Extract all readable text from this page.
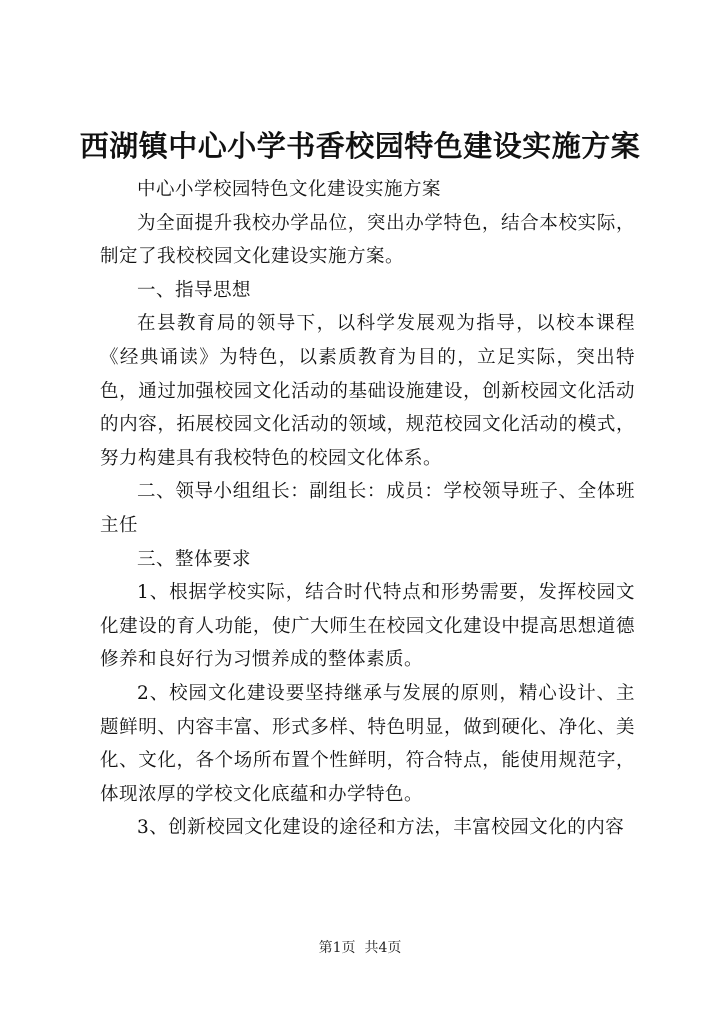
西湖镇中心小学书香校园特色建设实施方案

中心小学校园特色文化建设实施方案

为全面提升我校办学品位，突出办学特色，结合本校实际，制定了我校校园文化建设实施方案。

一、指导思想

在县教育局的领导下，以科学发展观为指导，以校本课程《经典诵读》为特色，以素质教育为目的，立足实际，突出特色，通过加强校园文化活动的基础设施建设，创新校园文化活动的内容，拓展校园文化活动的领域，规范校园文化活动的模式，努力构建具有我校特色的校园文化体系。

二、领导小组组长：副组长：成员：学校领导班子、全体班主任

三、整体要求

1、根据学校实际，结合时代特点和形势需要，发挥校园文化建设的育人功能，使广大师生在校园文化建设中提高思想道德修养和良好行为习惯养成的整体素质。

2、校园文化建设要坚持继承与发展的原则，精心设计、主题鲜明、内容丰富、形式多样、特色明显，做到硬化、净化、美化、文化，各个场所布置个性鲜明，符合特点，能使用规范字，体现浓厚的学校文化底蕴和办学特色。

3、创新校园文化建设的途径和方法，丰富校园文化的内容

第1页 共4页
